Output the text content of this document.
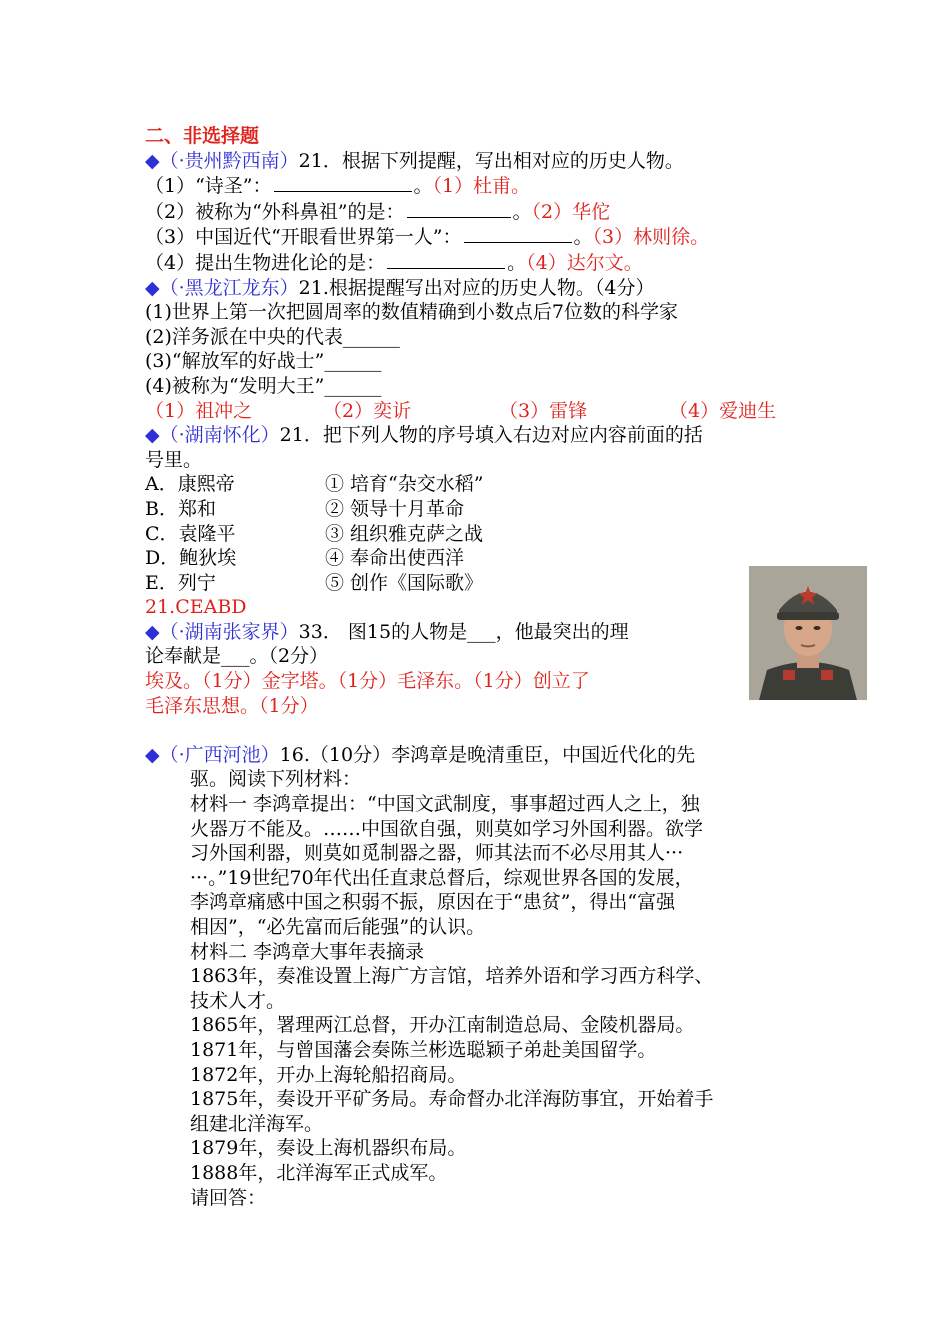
二、非选择题
◆（·贵州黔西南）21．根据下列提醒，写出相对应的历史人物。
（1）“诗圣”：	。（1）杜甫。
（2）被称为“外科鼻祖”的是：	。（2）华佗
（3）中国近代“开眼看世界第一人”：	。（3）林则徐。
（4）提出生物进化论的是：	。（4）达尔文。
◆（·黑龙江龙东）21.根据提醒写出对应的历史人物。（4分）
(1)世界上第一次把圆周率的数值精确到小数点后7位数的科学家
(2)洋务派在中央的代表______
(3)“解放军的好战士”______
(4)被称为“发明大王”______
（1）祖冲之	（2）奕䜣	（3）雷锋	（4）爱迪生
◆（·湖南怀化）21．把下列人物的序号填入右边对应内容前面的括
号里。
A．康熙帝	① 培育“杂交水稻”
B．郑和	② 领导十月革命
C．袁隆平	③ 组织雅克萨之战
D．鲍狄埃	④ 奉命出使西洋
E．列宁	⑤ 创作《国际歌》
21.CEABD
◆（·湖南张家界）33． 图15的人物是___，他最突出的理
论奉献是___。（2分）
埃及。（1分）金字塔。（1分）毛泽东。（1分）创立了
毛泽东思想。（1分）
◆（·广西河池）16.（10分）李鸿章是晚清重臣，中国近代化的先
驱。阅读下列材料：
材料一 李鸿章提出：“中国文武制度，事事超过西人之上，独
火器万不能及。……中国欲自强，则莫如学习外国利器。欲学
习外国利器，则莫如觅制器之器，师其法而不必尽用其人···
···。”19世纪70年代出任直隶总督后，综观世界各国的发展，
李鸿章痛感中国之积弱不振，原因在于“患贫”，得出“富强
相因”，“必先富而后能强”的认识。
材料二 李鸿章大事年表摘录
1863年，奏准设置上海广方言馆，培养外语和学习西方科学、
技术人才。
1865年，署理两江总督，开办江南制造总局、金陵机器局。
1871年，与曾国藩会奏陈兰彬选聪颖子弟赴美国留学。
1872年，开办上海轮船招商局。
1875年，奏设开平矿务局。寿命督办北洋海防事宜，开始着手
组建北洋海军。
1879年，奏设上海机器织布局。
1888年，北洋海军正式成军。
请回答：
